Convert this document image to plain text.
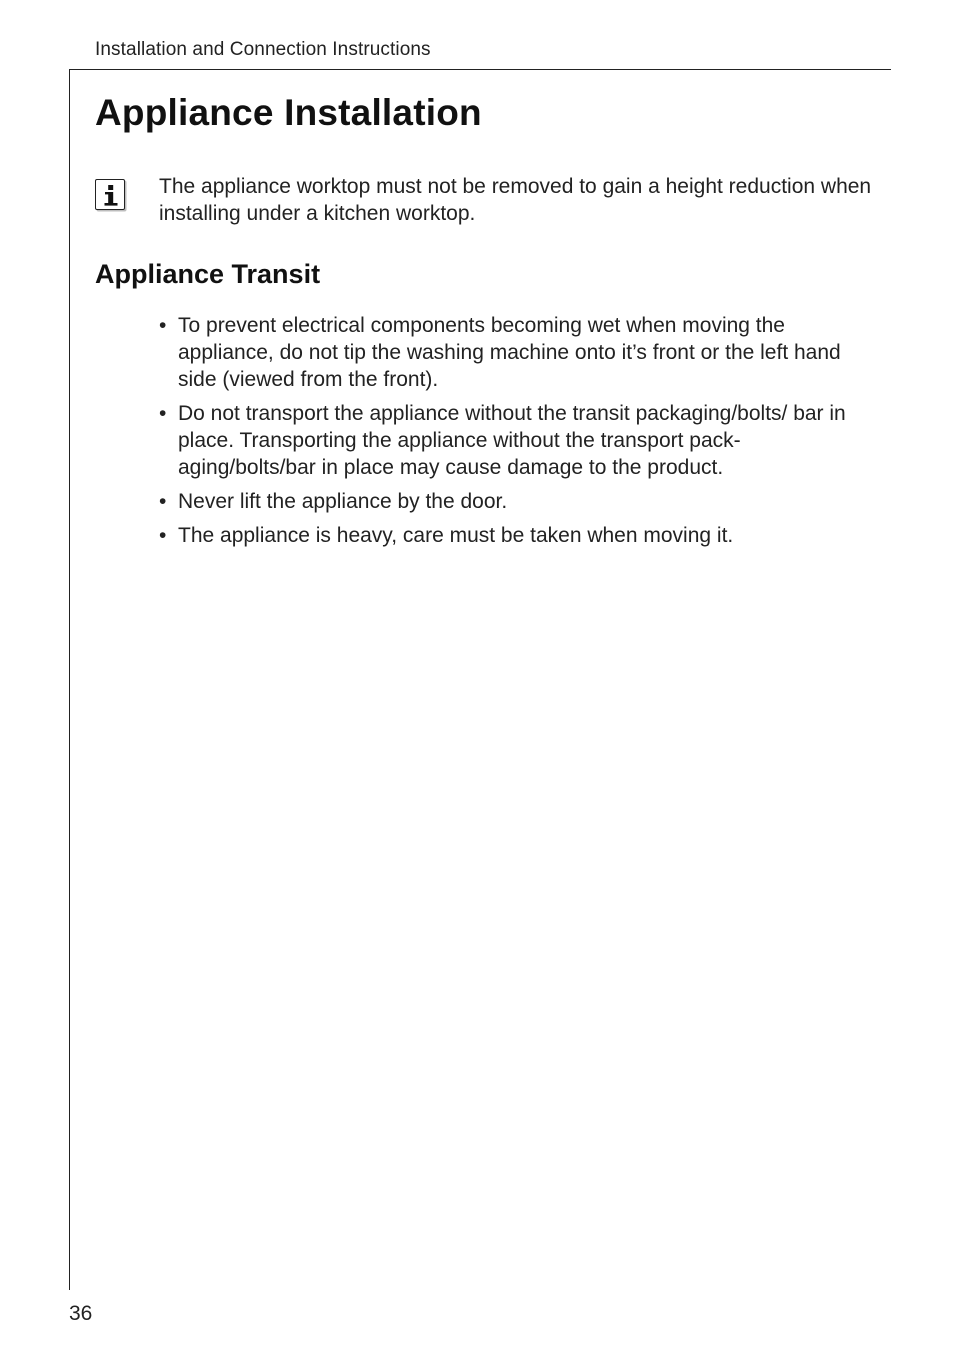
Installation and Connection Instructions
Appliance Installation

The appliance worktop must not be removed to gain a height reduction when installing under a kitchen worktop.

Appliance Transit
• To prevent electrical components becoming wet when moving the appliance, do not tip the washing machine onto it’s front or the left hand side (viewed from the front).
• Do not transport the appliance without the transit packaging/bolts/ bar in place. Transporting the appliance without the transport pack- aging/bolts/bar in place may cause damage to the product.
• Never lift the appliance by the door.
• The appliance is heavy, care must be taken when moving it.
36
